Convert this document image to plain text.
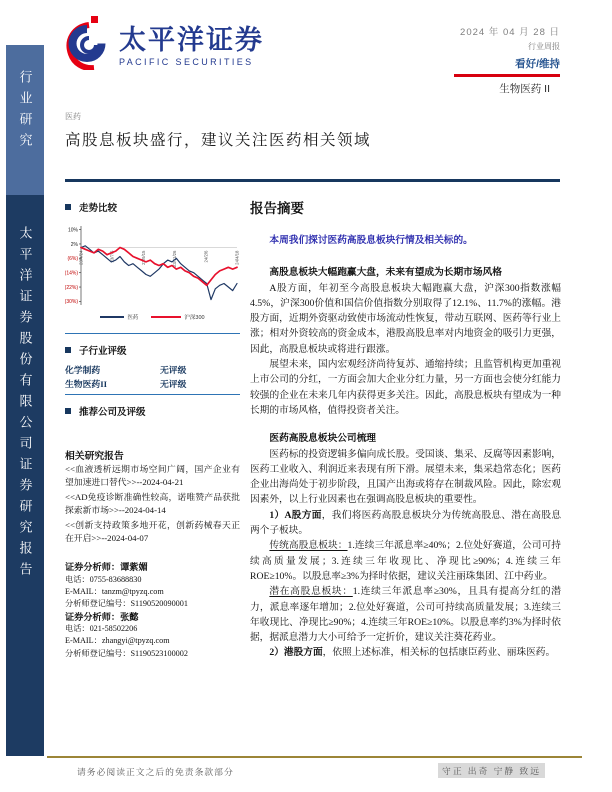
行业研究
太平洋证券股份有限公司证券研究报告
太平洋证券
PACIFIC SECURITIES
2024 年 04 月 28 日
行业周报
看好/维持
生物医药 II
医药
高股息板块盛行，建议关注医药相关领域
走势比较
10%
2%
(6%)
(14%)
(22%)
(30%)
23/4/24	23/7/5	23/9/15	23/11/26	24/2/6	24/4/18
医药	沪深300
子行业评级
化学制药	无评级
生物医药II	无评级
推荐公司及评级
相关研究报告
<<血液透析远期市场空间广阔，国产企业有望加速进口替代>>--2024-04-21
<<AD免疫诊断准确性较高，诺唯赞产品获批探索新市场>>--2024-04-14
<<创新支持政策多地开花，创新药械春天正在开启>>--2024-04-07
证券分析师：谭紫媚
电话：0755-83688830
E-MAIL：tanzm@tpyzq.com
分析师登记编号：S1190520090001
证券分析师：张懿
电话：021-58502206
E-MAIL：zhangyi@tpyzq.com
分析师登记编号：S1190523100002
报告摘要
本周我们探讨医药高股息板块行情及相关标的。
高股息板块大幅跑赢大盘，未来有望成为长期市场风格
A股方面，年初至今高股息板块大幅跑赢大盘，沪深300指数涨幅4.5%，沪深300价值和国信价值指数分别取得了12.1%、11.7%的涨幅。港股方面，近期外资驱动致使市场流动性恢复，带动互联网、医药等行业上涨；相对外资较高的资金成本，港股高股息率对内地资金的吸引力更强，因此，高股息板块或将进行跟涨。
展望未来，国内宏观经济尚待复苏、通缩持续；且监管机构更加重视上市公司的分红，一方面会加大企业分红力量，另一方面也会使分红能力较强的企业在未来几年内获得更多关注。因此，高股息板块有望成为一种长期的市场风格，值得投资者关注。
医药高股息板块公司梳理
医药标的投资逻辑多偏向成长股。受国谈、集采、反腐等因素影响，医药工业收入、利润近来表现有所下滑。展望未来，集采趋常态化；医药企业出海尚处于初步阶段，且国产出海或将存在制裁风险。因此，除宏观因素外，以上行业因素也在强调高股息板块的重要性。
1）A股方面，我们将医药高股息板块分为传统高股息、潜在高股息两个子板块。
传统高股息板块：1.连续三年派息率≥40%；2.位处好赛道，公司可持续高质量发展；3.连续三年收现比、净现比≥90%；4.连续三年ROE≥10%。以股息率≥3%为择时依据，建议关注丽珠集团、江中药业。
潜在高股息板块：1.连续三年派息率≥30%，且具有提高分红的潜力，派息率逐年增加；2.位处好赛道，公司可持续高质量发展；3.连续三年收现比、净现比≥90%；4.连续三年ROE≥10%。以股息率约3%为择时依据，据派息潜力大小可给予一定折价，建议关注葵花药业。
2）港股方面，依照上述标准，相关标的包括康臣药业、丽珠医药。
请务必阅读正文之后的免责条款部分	守正 出奇 宁静 致远
